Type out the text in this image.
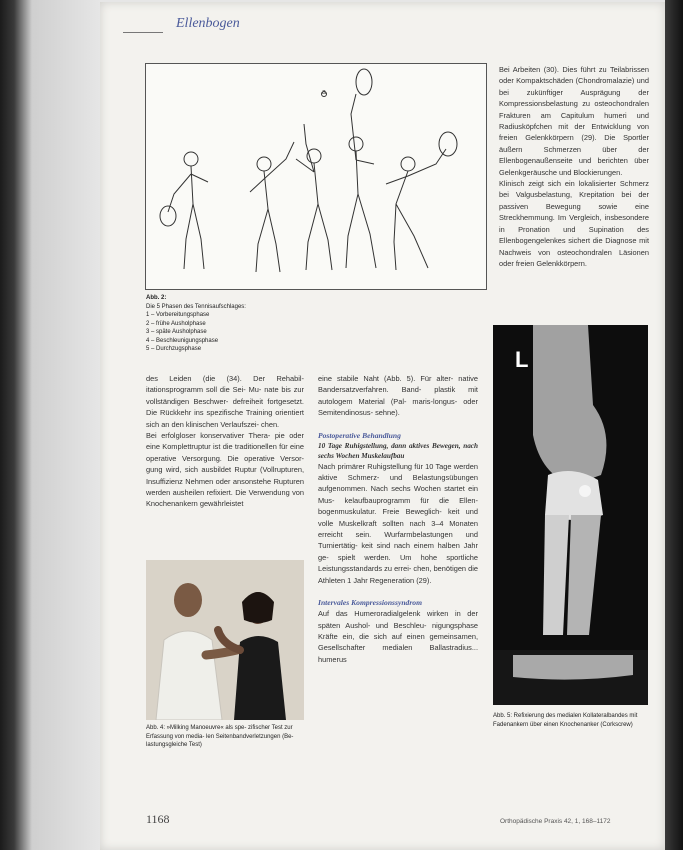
Ellenbogen
a
Abb. 2:
Die 5 Phasen des Tennisaufschlages:
1 – Vorbereitungsphase
2 – frühe Ausholphase
3 – späte Ausholphase
4 – Beschleunigungsphase
5 – Durchzugsphase
des Leiden (die (34). Der Rehabil- itationsprogramm soll die Sei- Mu- nate bis zur vollständigen Beschwer- defreiheit fortgesetzt. Die Rückkehr ins spezifische Training orientiert sich an den klinischen Verlaufszei- chen.
Bei erfolgloser konservativer Thera- pie oder eine Komplettruptur ist die traditionellen für eine operative Versorgung. Die operative Versor- gung wird, sich ausbildet Ruptur (Vollrupturen, Insuffizienz Nehmen oder ansonstehe Rupturen werden ausheilen refixiert. Die Verwendung von Knochenankern gewährleistet
Abb. 4: »Milking Manoeuvre« als spe- zifischer Test zur Erfassung von media- len Seitenbandverletzungen (Be- lastungsgleiche Test)
eine stabile Naht (Abb. 5). Für alter- native Bandersatzverfahren. Band- plastik mit autologem Material (Pal- maris-longus- oder Semitendinosus- sehne).
Postoperative Behandlung
10 Tage Ruhigstellung, dann aktives Bewegen, nach sechs Wochen Muskelaufbau
Nach primärer Ruhigstellung für 10 Tage werden aktive Schmerz- und Belastungsübungen aufgenommen. Nach sechs Wochen startet ein Mus- kelaufbauprogramm für die Ellen- bogenmuskulatur. Freie Beweglich- keit und volle Muskelkraft sollten nach 3–4 Monaten erreicht sein. Wurfarmbelastungen und Turniertätig- keit sind nach einem halben Jahr ge- spielt werden. Um hohe sportliche Leistungsstandards zu errei- chen, benötigen die Athleten 1 Jahr Regeneration (29).
Intervales Kompressionssyndrom
Auf das Humeroradialgelenk wirken in der späten Aushol- und Beschleu- nigungsphase Kräfte ein, die sich auf einen gemeinsamen, Gesellschafter medialen Ballastradius... humerus
Bei Arbeiten (30). Dies führt zu Teilabrissen oder Kompaktschäden (Chondromalazie) und bei zukünftiger Ausprägung der Kompressionsbelastung zu osteochondralen Frakturen am Capitulum humeri und Radiusköpfchen mit der Entwicklung von freien Gelenkkörpern (29). Die Sportler äußern Schmerzen über der Ellenbogenaußenseite und berichten über Gelenkgeräusche und Blockierungen.
Klinisch zeigt sich ein lokalisierter Schmerz bei Valgusbelastung, Krepitation bei der passiven Bewegung sowie eine Streckhemmung. Im Vergleich, insbesondere in Pronation und Supination des Ellenbogengelenkes sichert die Diagnose mit Nachweis von osteochondralen Läsionen oder freien Gelenkkörpern.
L
Abb. 5: Refixierung des medialen Kollateralbandes mit Fadenankern über einen Knochenanker (Corkscrew)
1168	Orthopädische Praxis 42, 1, 168–1172
